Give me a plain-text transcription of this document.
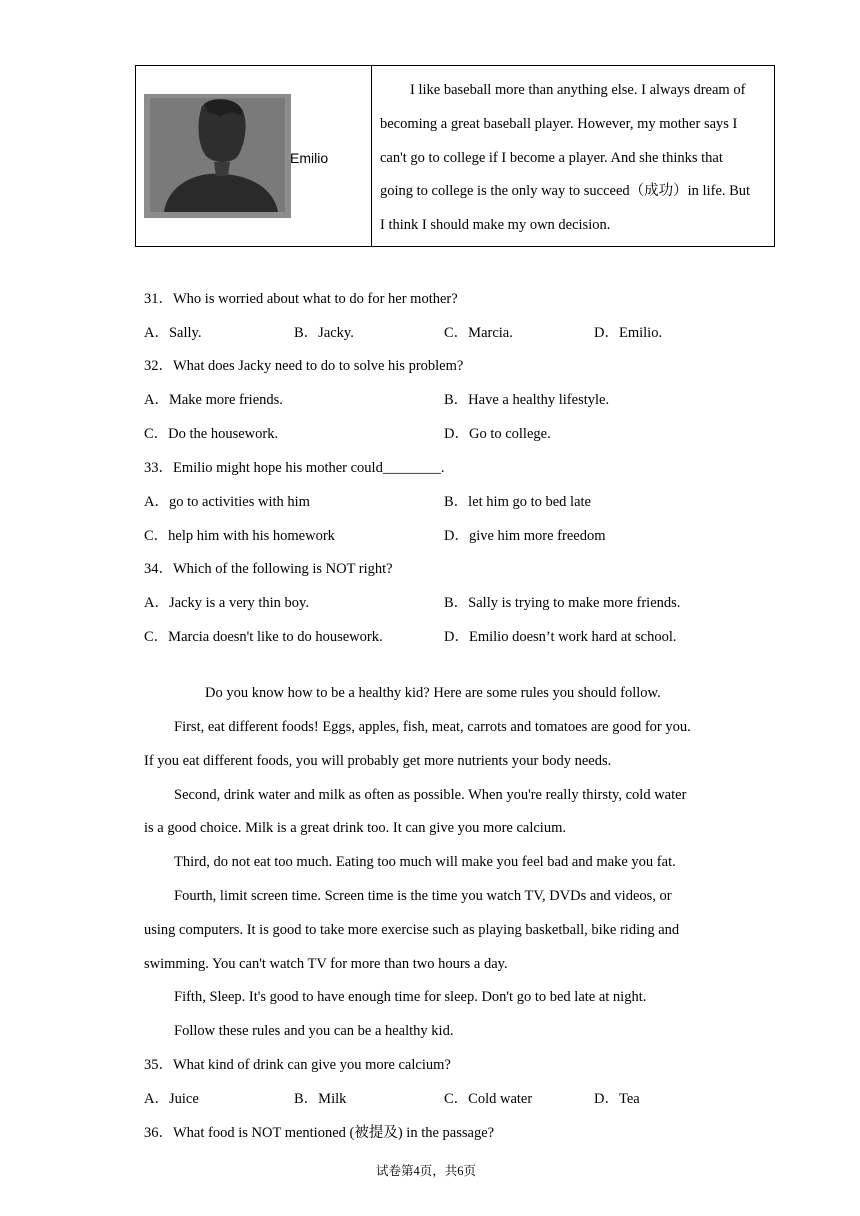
Emilio

I like baseball more than anything else. I always dream of
becoming a great baseball player. However, my mother says I
can't go to college if I become a player. And she thinks that
going to college is the only way to succeed（成功）in life. But
I think I should make my own decision.
31．Who is worried about what to do for her mother?
A．Sally.	B．Jacky.	C．Marcia.	D．Emilio.
32．What does Jacky need to do to solve his problem?
A．Make more friends.	B．Have a healthy lifestyle.
C．Do the housework.	D．Go to college.
33．Emilio might hope his mother could________.
A．go to activities with him	B．let him go to bed late
C．help him with his homework	D．give him more freedom
34．Which of the following is NOT right?
A．Jacky is a very thin boy.	B．Sally is trying to make more friends.
C．Marcia doesn't like to do housework.	D．Emilio doesn’t work hard at school.
Do you know how to be a healthy kid? Here are some rules you should follow.
First, eat different foods! Eggs, apples, fish, meat, carrots and tomatoes are good for you.
If you eat different foods, you will probably get more nutrients your body needs.
Second, drink water and milk as often as possible. When you're really thirsty, cold water
is a good choice. Milk is a great drink too. It can give you more calcium.
Third, do not eat too much. Eating too much will make you feel bad and make you fat.
Fourth, limit screen time. Screen time is the time you watch TV, DVDs and videos, or
using computers. It is good to take more exercise such as playing basketball, bike riding and
swimming. You can't watch TV for more than two hours a day.
Fifth, Sleep. It's good to have enough time for sleep. Don't go to bed late at night.
Follow these rules and you can be a healthy kid.
35．What kind of drink can give you more calcium?
A．Juice	B．Milk	C．Cold water	D．Tea
36．What food is NOT mentioned (被提及) in the passage?
试卷第4页，共6页
